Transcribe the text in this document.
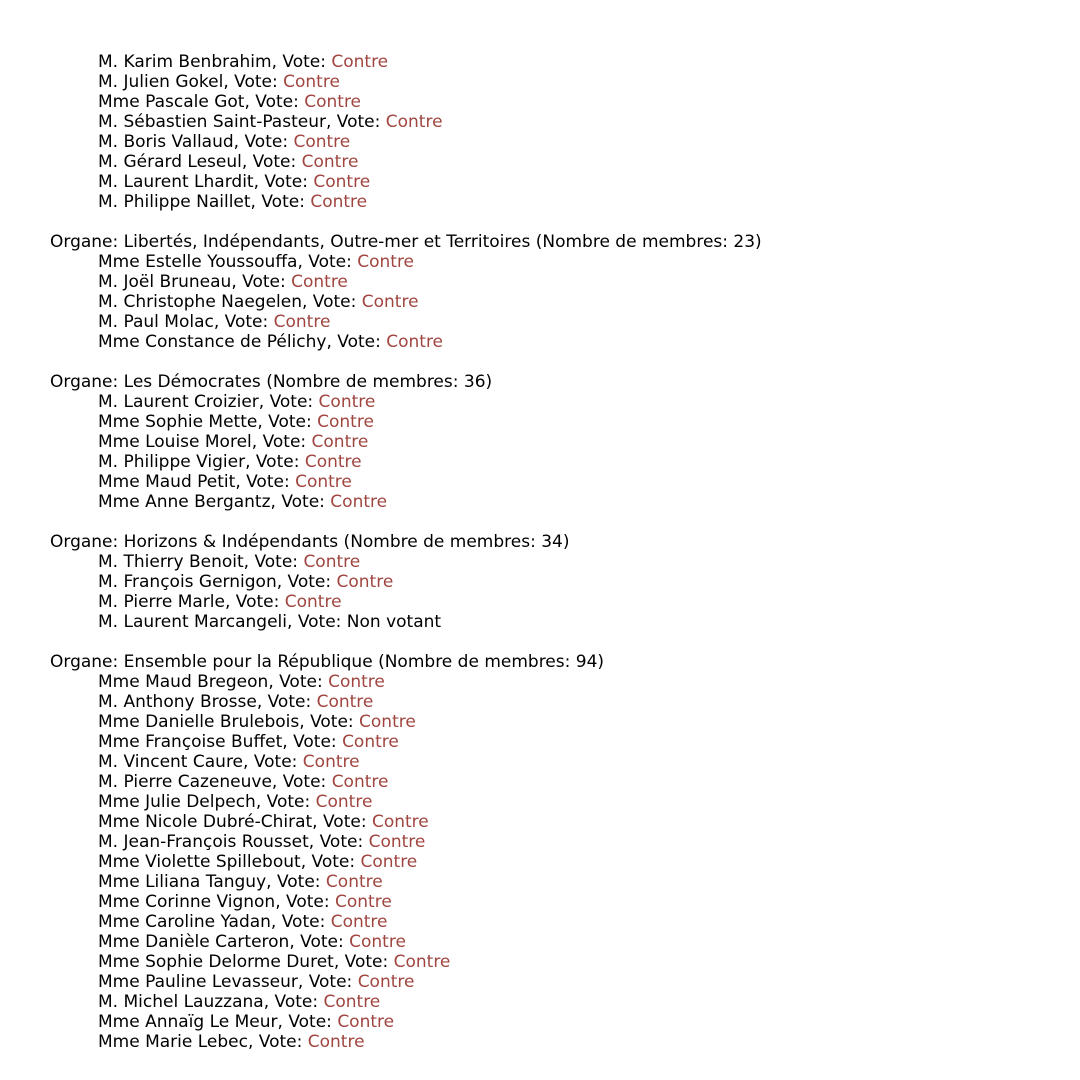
M. Karim Benbrahim, Vote: Contre
M. Julien Gokel, Vote: Contre
Mme Pascale Got, Vote: Contre
M. Sébastien Saint-Pasteur, Vote: Contre
M. Boris Vallaud, Vote: Contre
M. Gérard Leseul, Vote: Contre
M. Laurent Lhardit, Vote: Contre
M. Philippe Naillet, Vote: Contre
Organe: Libertés, Indépendants, Outre-mer et Territoires (Nombre de membres: 23)
Mme Estelle Youssouffa, Vote: Contre
M. Joël Bruneau, Vote: Contre
M. Christophe Naegelen, Vote: Contre
M. Paul Molac, Vote: Contre
Mme Constance de Pélichy, Vote: Contre
Organe: Les Démocrates (Nombre de membres: 36)
M. Laurent Croizier, Vote: Contre
Mme Sophie Mette, Vote: Contre
Mme Louise Morel, Vote: Contre
M. Philippe Vigier, Vote: Contre
Mme Maud Petit, Vote: Contre
Mme Anne Bergantz, Vote: Contre
Organe: Horizons & Indépendants (Nombre de membres: 34)
M. Thierry Benoit, Vote: Contre
M. François Gernigon, Vote: Contre
M. Pierre Marle, Vote: Contre
M. Laurent Marcangeli, Vote: Non votant
Organe: Ensemble pour la République (Nombre de membres: 94)
Mme Maud Bregeon, Vote: Contre
M. Anthony Brosse, Vote: Contre
Mme Danielle Brulebois, Vote: Contre
Mme Françoise Buffet, Vote: Contre
M. Vincent Caure, Vote: Contre
M. Pierre Cazeneuve, Vote: Contre
Mme Julie Delpech, Vote: Contre
Mme Nicole Dubré-Chirat, Vote: Contre
M. Jean-François Rousset, Vote: Contre
Mme Violette Spillebout, Vote: Contre
Mme Liliana Tanguy, Vote: Contre
Mme Corinne Vignon, Vote: Contre
Mme Caroline Yadan, Vote: Contre
Mme Danièle Carteron, Vote: Contre
Mme Sophie Delorme Duret, Vote: Contre
Mme Pauline Levasseur, Vote: Contre
M. Michel Lauzzana, Vote: Contre
Mme Annaïg Le Meur, Vote: Contre
Mme Marie Lebec, Vote: Contre
